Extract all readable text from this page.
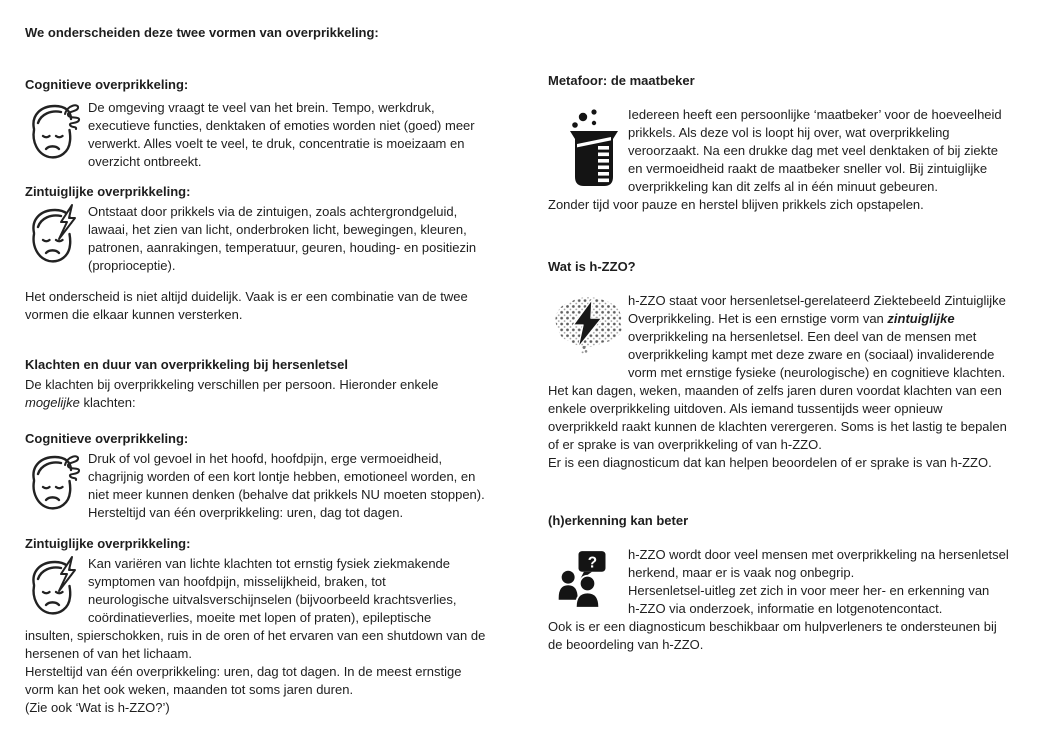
We onderscheiden deze twee vormen van overprikkeling:
Cognitieve overprikkeling:
De omgeving vraagt te veel van het brein. Tempo, werkdruk,
executieve functies, denktaken of emoties worden niet (goed) meer
verwerkt. Alles voelt te veel, te druk, concentratie is moeizaam en
overzicht ontbreekt.
Zintuiglijke overprikkeling:
Ontstaat door prikkels via de zintuigen, zoals achtergrondgeluid,
lawaai, het zien van licht, onderbroken licht, bewegingen, kleuren,
patronen, aanrakingen, temperatuur, geuren, houding- en positiezin
(proprioceptie).
Het onderscheid is niet altijd duidelijk. Vaak is er een combinatie van de twee
vormen die elkaar kunnen versterken.
Klachten en duur van overprikkeling bij hersenletsel
De klachten bij overprikkeling verschillen per persoon. Hieronder enkele
mogelijke klachten:
Cognitieve overprikkeling:
Druk of vol gevoel in het hoofd, hoofdpijn, erge vermoeidheid,
chagrijnig worden of een kort lontje hebben, emotioneel worden, en
niet meer kunnen denken (behalve dat prikkels NU moeten stoppen).
Hersteltijd van één overprikkeling: uren, dag tot dagen.
Zintuiglijke overprikkeling:
Kan variëren van lichte klachten tot ernstig fysiek ziekmakende
symptomen van hoofdpijn, misselijkheid, braken, tot
neurologische uitvalsverschijnselen (bijvoorbeeld krachtsverlies,
coördinatieverlies, moeite met lopen of praten), epileptische
insulten, spierschokken, ruis in de oren of het ervaren van een shutdown van de
hersenen of van het lichaam.
Hersteltijd van één overprikkeling: uren, dag tot dagen. In de meest ernstige
vorm kan het ook weken, maanden tot soms jaren duren.
(Zie ook ‘Wat is h-ZZO?’)
Metafoor: de maatbeker
Iedereen heeft een persoonlijke ‘maatbeker’ voor de hoeveelheid
prikkels. Als deze vol is loopt hij over, wat overprikkeling
veroorzaakt. Na een drukke dag met veel denktaken of bij ziekte
en vermoeidheid raakt de maatbeker sneller vol. Bij zintuiglijke
overprikkeling kan dit zelfs al in één minuut gebeuren.
Zonder tijd voor pauze en herstel blijven prikkels zich opstapelen.
Wat is h-ZZO?
h-ZZO staat voor hersenletsel-gerelateerd Ziektebeeld Zintuiglijke
Overprikkeling. Het is een ernstige vorm van zintuiglijke
overprikkeling na hersenletsel. Een deel van de mensen met
overprikkeling kampt met deze zware en (sociaal) invaliderende
vorm met ernstige fysieke (neurologische) en cognitieve klachten.
Het kan dagen, weken, maanden of zelfs jaren duren voordat klachten van een
enkele overprikkeling uitdoven. Als iemand tussentijds weer opnieuw
overprikkeld raakt kunnen de klachten verergeren. Soms is het lastig te bepalen
of er sprake is van overprikkeling of van h-ZZO.
Er is een diagnosticum dat kan helpen beoordelen of er sprake is van h-ZZO.
(h)erkenning kan beter
?
h-ZZO wordt door veel mensen met overprikkeling na hersenletsel
herkend, maar er is vaak nog onbegrip.
Hersenletsel-uitleg zet zich in voor meer her- en erkenning van
h-ZZO via onderzoek, informatie en lotgenotencontact.
Ook is er een diagnosticum beschikbaar om hulpverleners te ondersteunen bij
de beoordeling van h-ZZO.
